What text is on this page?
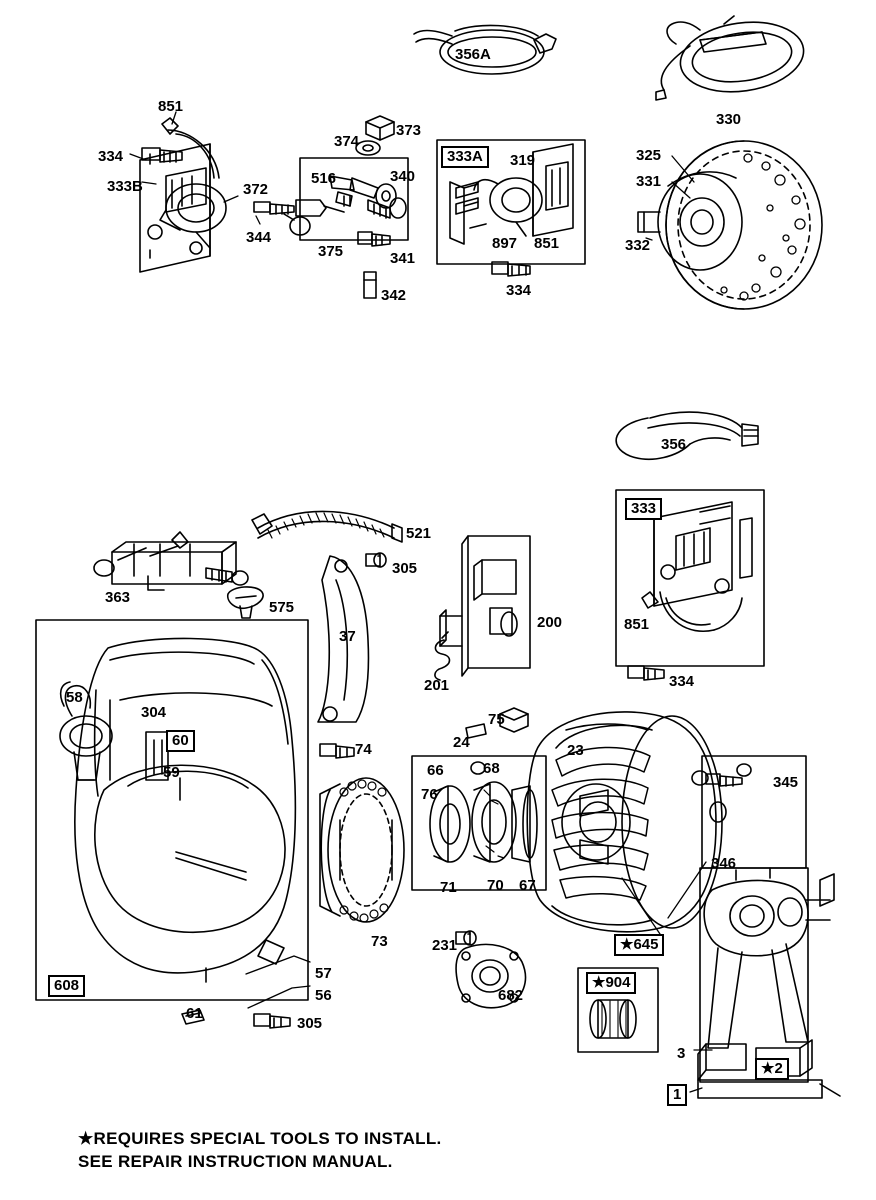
356A
330
851
334
333B	372
344
374
373
516	340
375	341
342
333A	319
897 851
334
325
331
332
356
333
851
334
521
305
363
575
37
200
201
58
304
60
59
74
75
24	23
66	68
76
71 70 67
345
346
73	231	★645
57
56
608	★904
682
61
305
3
★2
1
★REQUIRES SPECIAL TOOLS TO INSTALL.
SEE REPAIR INSTRUCTION MANUAL.
